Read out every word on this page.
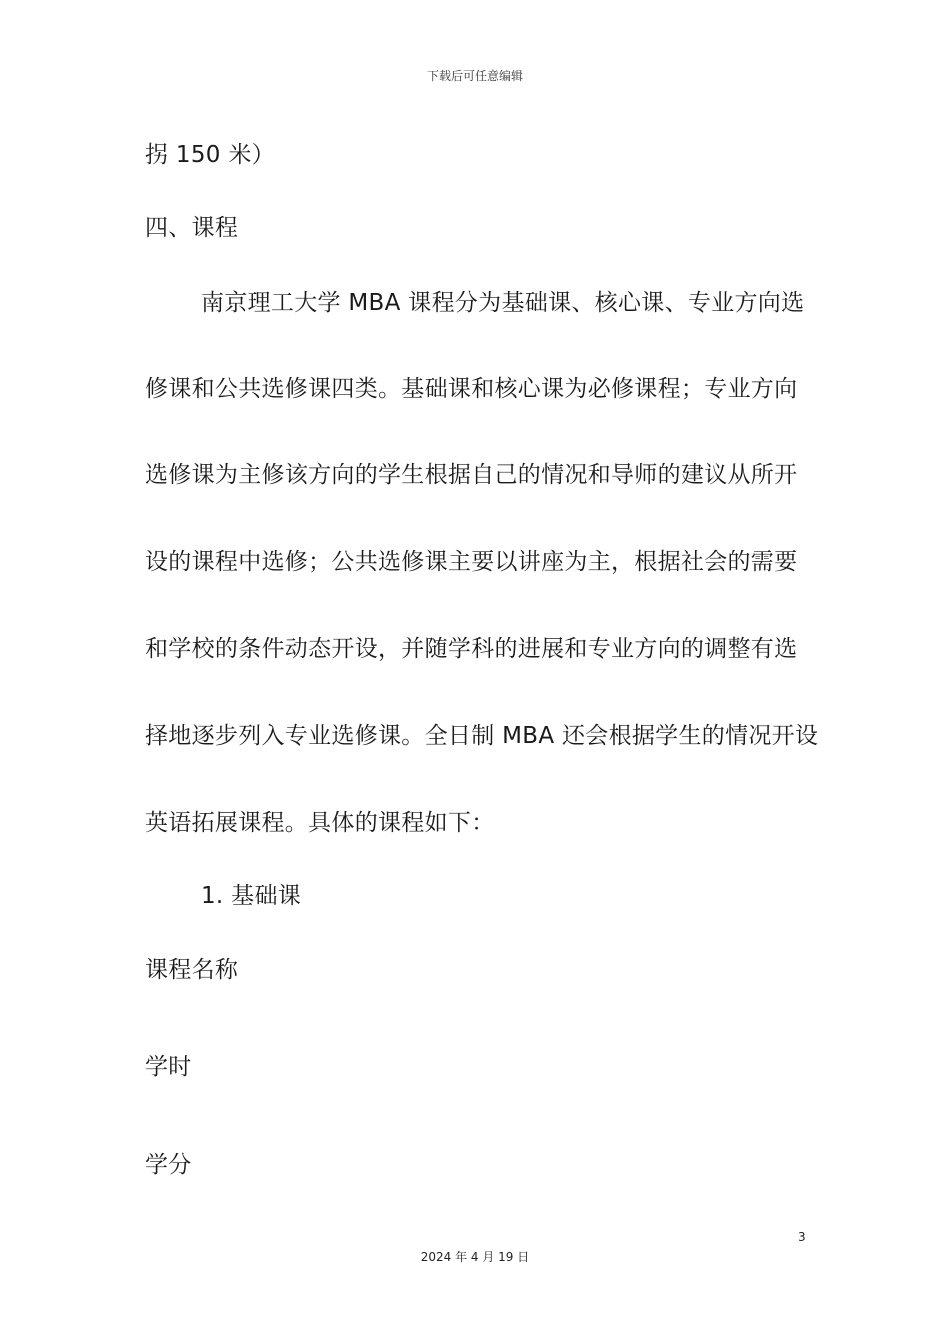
下载后可任意编辑
拐 150 米）
四、课程
南京理工大学 MBA 课程分为基础课、核心课、专业方向选
修课和公共选修课四类。基础课和核心课为必修课程；专业方向
选修课为主修该方向的学生根据自己的情况和导师的建议从所开
设的课程中选修；公共选修课主要以讲座为主，根据社会的需要
和学校的条件动态开设，并随学科的进展和专业方向的调整有选
择地逐步列入专业选修课。全日制 MBA 还会根据学生的情况开设
英语拓展课程。具体的课程如下：
1. 基础课
课程名称
学时
学分
3
2024 年 4 月 19 日
